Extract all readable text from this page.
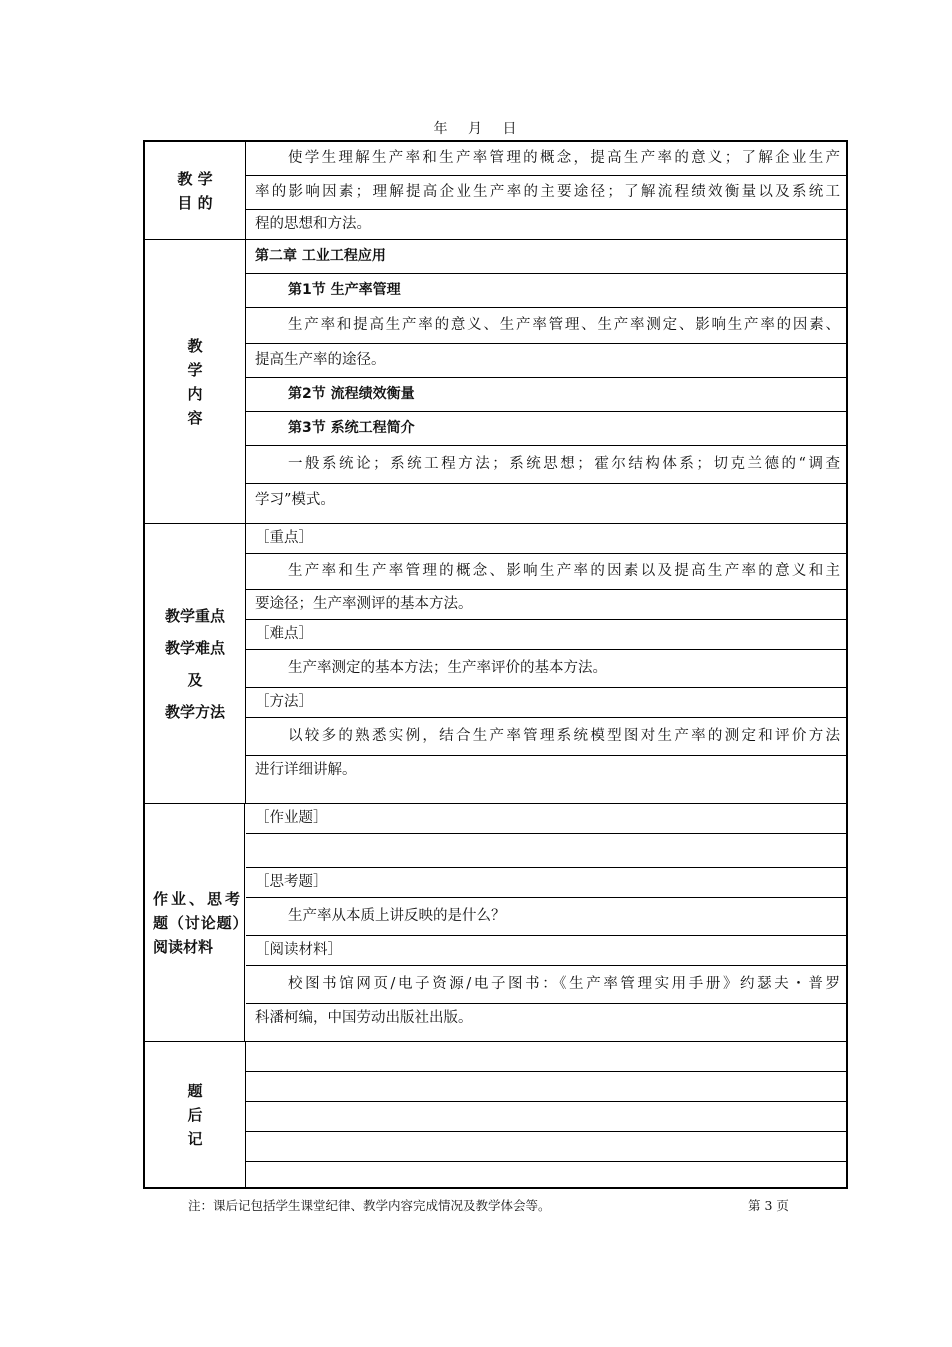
年 月 日
教 学
目 的
使学生理解生产率和生产率管理的概念，提高生产率的意义；了解企业生产
率的影响因素；理解提高企业生产率的主要途径；了解流程绩效衡量以及系统工
程的思想和方法。
教
学
内
容
第二章 工业工程应用
第1节 生产率管理
生产率和提高生产率的意义、生产率管理、生产率测定、影响生产率的因素、
提高生产率的途径。
第2节 流程绩效衡量
第3节 系统工程简介
一般系统论；系统工程方法；系统思想；霍尔结构体系；切克兰德的“调查
学习”模式。
教学重点
教学难点
及
教学方法
［重点］
生产率和生产率管理的概念、影响生产率的因素以及提高生产率的意义和主
要途径；生产率测评的基本方法。
［难点］
生产率测定的基本方法；生产率评价的基本方法。
［方法］
以较多的熟悉实例，结合生产率管理系统模型图对生产率的测定和评价方法
进行详细讲解。
作业、思考题（讨论题）阅读材料
［作业题］
［思考题］
生产率从本质上讲反映的是什么？
［阅读材料］
校图书馆网页/电子资源/电子图书：《生产率管理实用手册》约瑟夫・普罗
科潘柯编，中国劳动出版社出版。
题
后
记
注：课后记包括学生课堂纪律、教学内容完成情况及教学体会等。	第 3 页
